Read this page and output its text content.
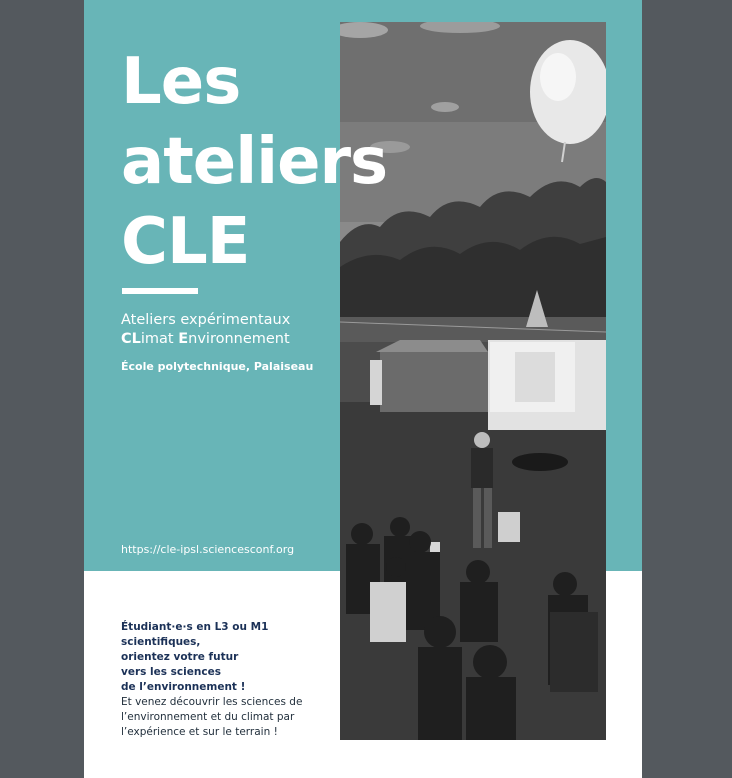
Les
ateliers
CLE
Ateliers expérimentaux
CLimat Environnement
École polytechnique, Palaiseau
https://cle-ipsl.sciencesconf.org
Étudiant·e·s en L3 ou M1
scientifiques,
orientez votre futur
vers les sciences
de l’environnement !
Et venez découvrir les sciences de
l’environnement et du climat par
l’expérience et sur le terrain !
